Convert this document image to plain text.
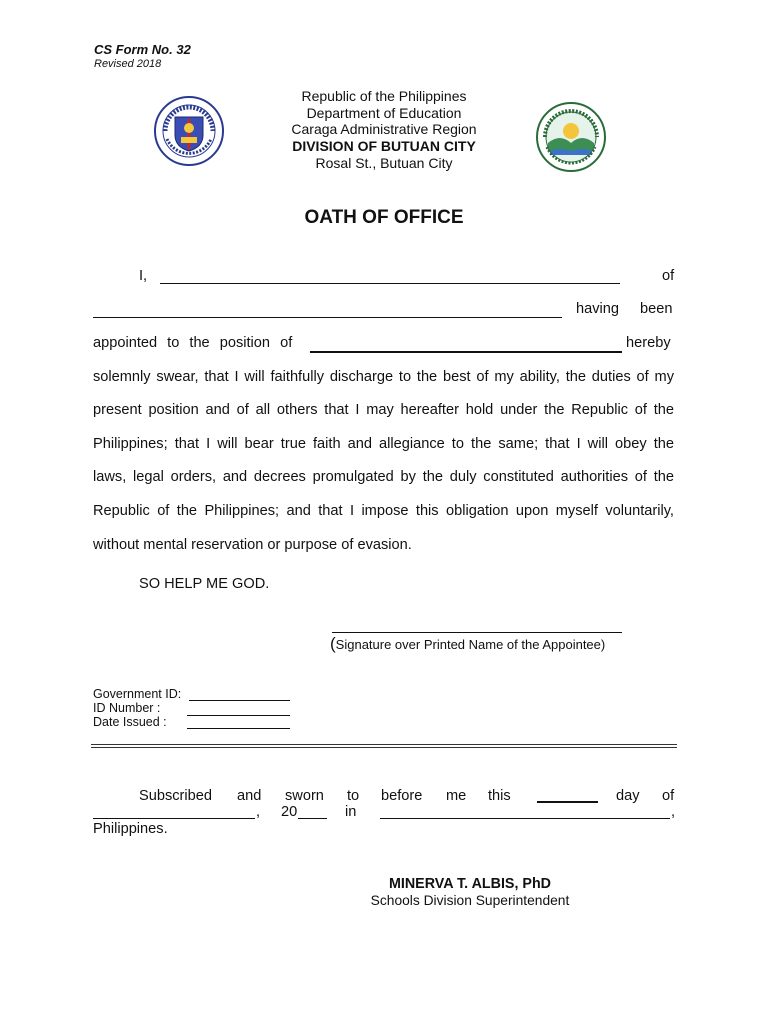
CS Form No. 32
Revised 2018
Republic of the Philippines
Department of Education
Caraga Administrative Region
DIVISION OF BUTUAN CITY
Rosal St., Butuan City
OATH OF OFFICE
I,	of
having been
appointed to the position of	hereby
solemnly swear, that I will faithfully discharge to the best of my ability, the duties of my
present position and of all others that I may hereafter hold under the Republic of the
Philippines; that I will bear true faith and allegiance to the same; that I will obey the
laws, legal orders, and decrees promulgated by the duly constituted authorities of the
Republic of the Philippines; and that I impose this obligation upon myself voluntarily,
without mental reservation or purpose of evasion.
SO HELP ME GOD.
(Signature over Printed Name of the Appointee)
Government ID:
ID Number :
Date Issued :
Subscribed and sworn to before me this	day of
, 20	in	,
Philippines.
MINERVA T. ALBIS, PhD
Schools Division Superintendent
